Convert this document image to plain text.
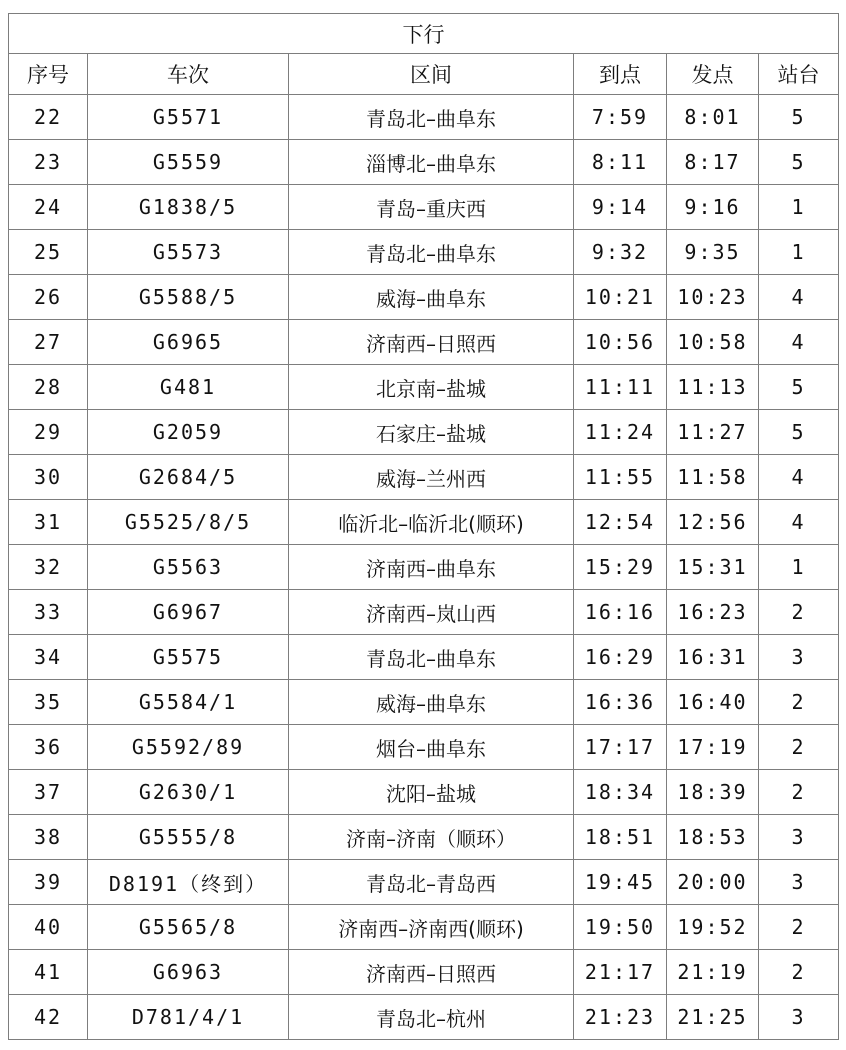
下行					
序号	车次	区间	到点	发点	站台
22	G5571	青岛北–曲阜东	7:59	8:01	5
23	G5559	淄博北–曲阜东	8:11	8:17	5
24	G1838/5	青岛–重庆西	9:14	9:16	1
25	G5573	青岛北–曲阜东	9:32	9:35	1
26	G5588/5	威海–曲阜东	10:21	10:23	4
27	G6965	济南西–日照西	10:56	10:58	4
28	G481	北京南–盐城	11:11	11:13	5
29	G2059	石家庄–盐城	11:24	11:27	5
30	G2684/5	威海–兰州西	11:55	11:58	4
31	G5525/8/5	临沂北–临沂北(顺环)	12:54	12:56	4
32	G5563	济南西–曲阜东	15:29	15:31	1
33	G6967	济南西–岚山西	16:16	16:23	2
34	G5575	青岛北–曲阜东	16:29	16:31	3
35	G5584/1	威海–曲阜东	16:36	16:40	2
36	G5592/89	烟台–曲阜东	17:17	17:19	2
37	G2630/1	沈阳–盐城	18:34	18:39	2
38	G5555/8	济南–济南（顺环）	18:51	18:53	3
39	D8191（终到）	青岛北–青岛西	19:45	20:00	3
40	G5565/8	济南西–济南西(顺环)	19:50	19:52	2
41	G6963	济南西–日照西	21:17	21:19	2
42	D781/4/1	青岛北–杭州	21:23	21:25	3
